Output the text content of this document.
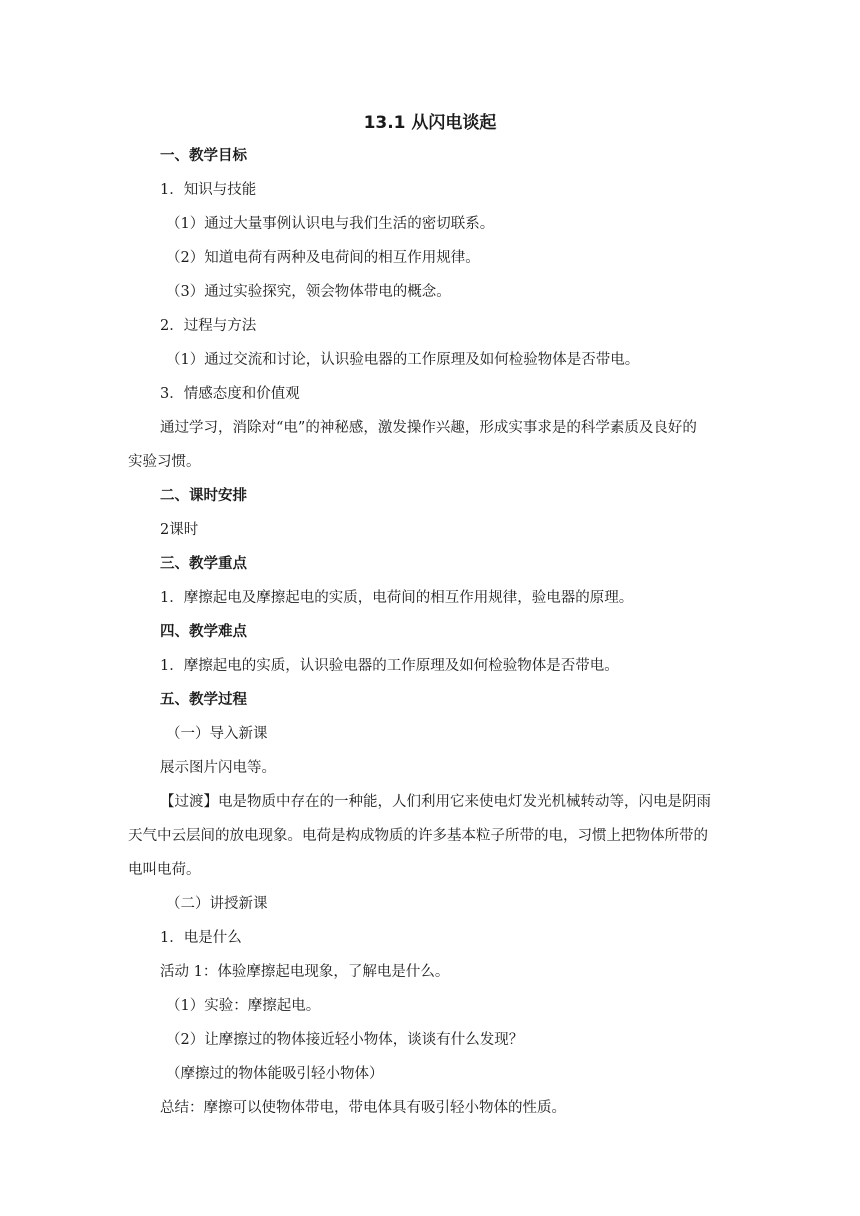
13.1 从闪电谈起
一、教学目标
1．知识与技能
（1）通过大量事例认识电与我们生活的密切联系。
（2）知道电荷有两种及电荷间的相互作用规律。
（3）通过实验探究，领会物体带电的概念。
2．过程与方法
（1）通过交流和讨论，认识验电器的工作原理及如何检验物体是否带电。
3．情感态度和价值观
通过学习，消除对“电”的神秘感，激发操作兴趣，形成实事求是的科学素质及良好的
实验习惯。
二、课时安排
2课时
三、教学重点
1．摩擦起电及摩擦起电的实质，电荷间的相互作用规律，验电器的原理。
四、教学难点
1．摩擦起电的实质，认识验电器的工作原理及如何检验物体是否带电。
五、教学过程
（一）导入新课
展示图片闪电等。
【过渡】电是物质中存在的一种能，人们利用它来使电灯发光机械转动等，闪电是阴雨
天气中云层间的放电现象。电荷是构成物质的许多基本粒子所带的电，习惯上把物体所带的
电叫电荷。
（二）讲授新课
1．电是什么
活动 1：体验摩擦起电现象，了解电是什么。
（1）实验：摩擦起电。
（2）让摩擦过的物体接近轻小物体，谈谈有什么发现？
（摩擦过的物体能吸引轻小物体）
总结：摩擦可以使物体带电，带电体具有吸引轻小物体的性质。
